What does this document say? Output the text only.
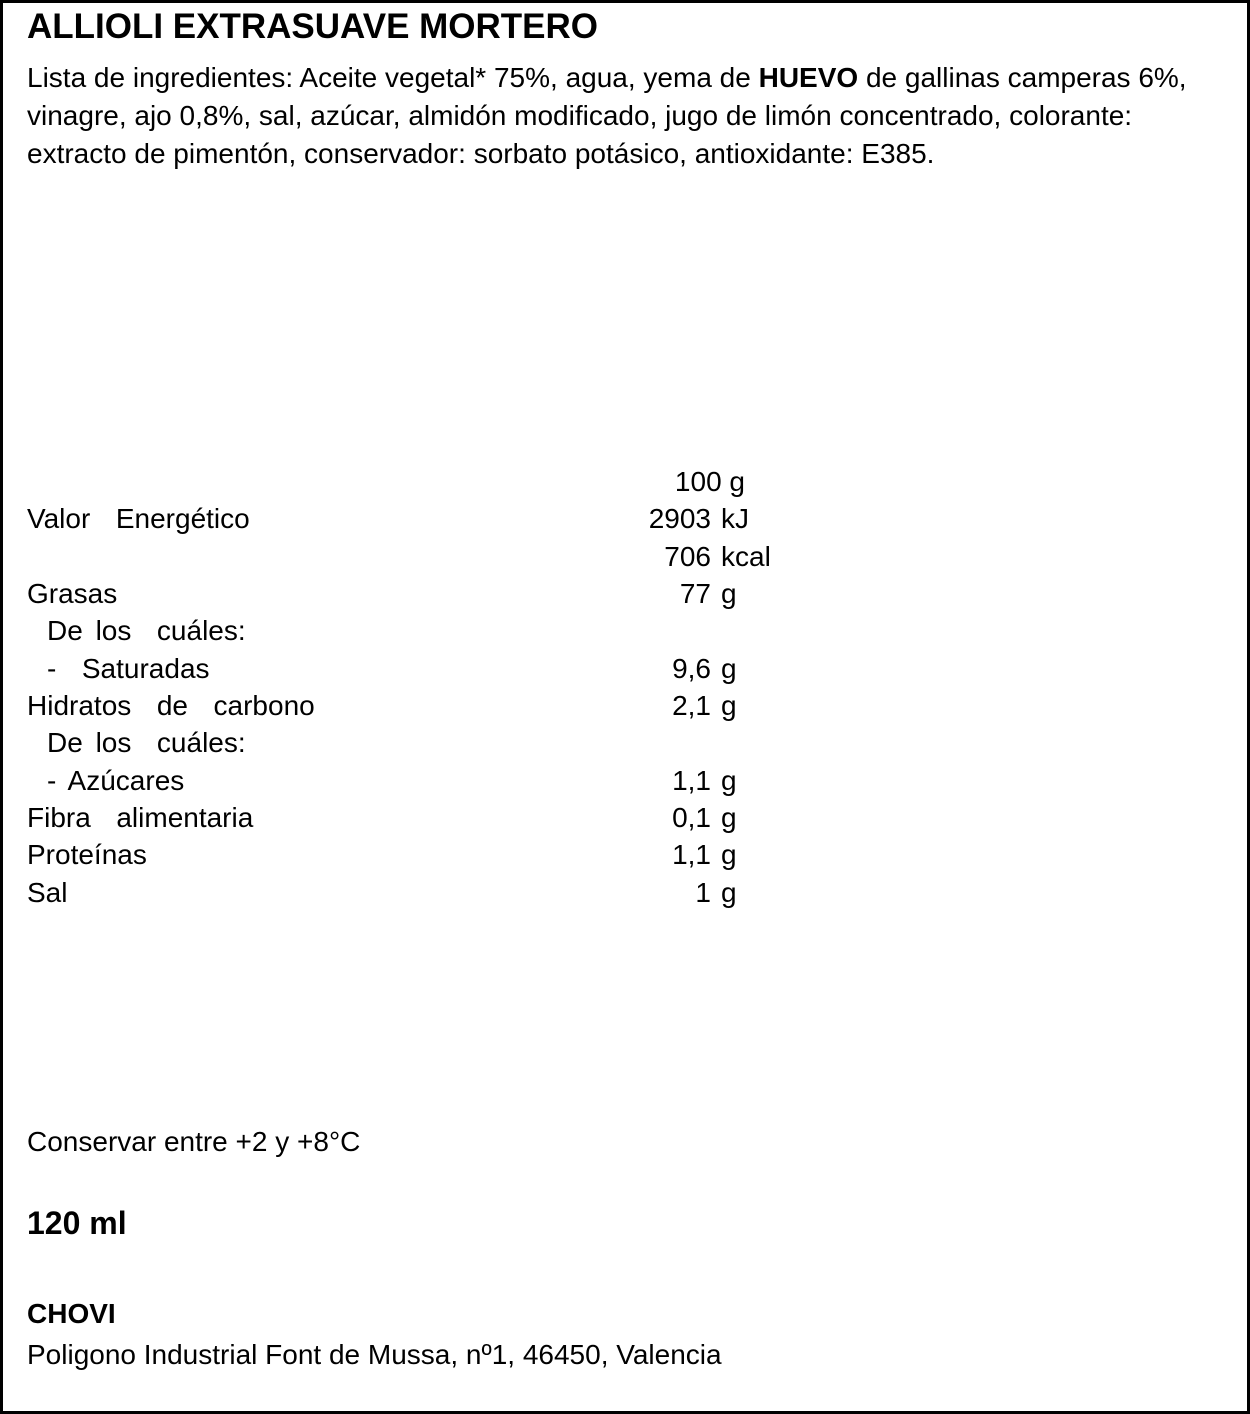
ALLIOLI EXTRASUAVE MORTERO
Lista de ingredientes: Aceite vegetal* 75%, agua, yema de HUEVO de gallinas camperas 6%, vinagre, ajo 0,8%, sal, azúcar, almidón modificado, jugo de limón concentrado, colorante: extracto de pimentón, conservador: sorbato potásico, antioxidante: E385.
100 g
Valor  Energético	2903 kJ
706 kcal
Grasas	77 g
De los  cuáles:
-  Saturadas	9,6 g
Hidratos  de  carbono	2,1 g
De los  cuáles:
- Azúcares	1,1 g
Fibra  alimentaria	0,1 g
Proteínas	1,1 g
Sal	1 g
Conservar entre +2 y +8°C
120 ml
CHOVI
Poligono Industrial Font de Mussa, nº1, 46450, Valencia
